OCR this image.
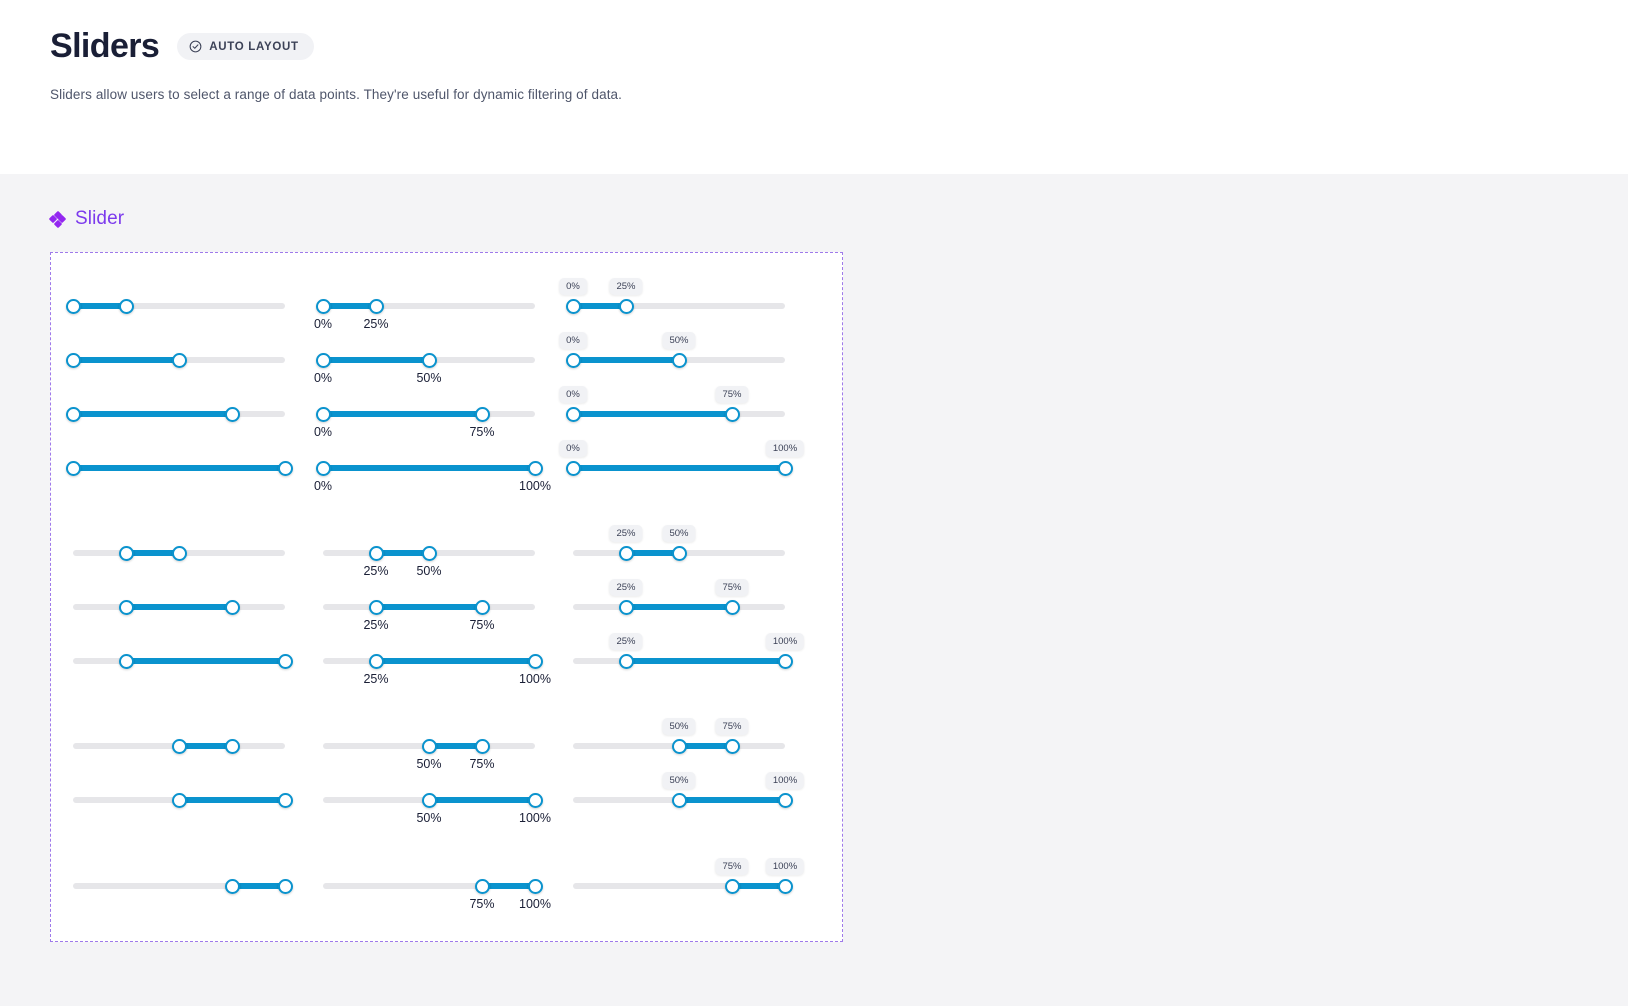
Sliders	AUTO LAYOUT
Sliders allow users to select a range of data points. They're useful for dynamic filtering of data.
Slider
0%	25%
0%	50%
0%	75%
0%	100%
0%	25%
0%	50%
0%	75%
0%	100%
25% 50%
25%	75%
25%	100%
25%	50%
25%	75%
25%	100%
50% 75%
50%	100%
50%	75%
50%	100%
75% 100%
75%	100%
